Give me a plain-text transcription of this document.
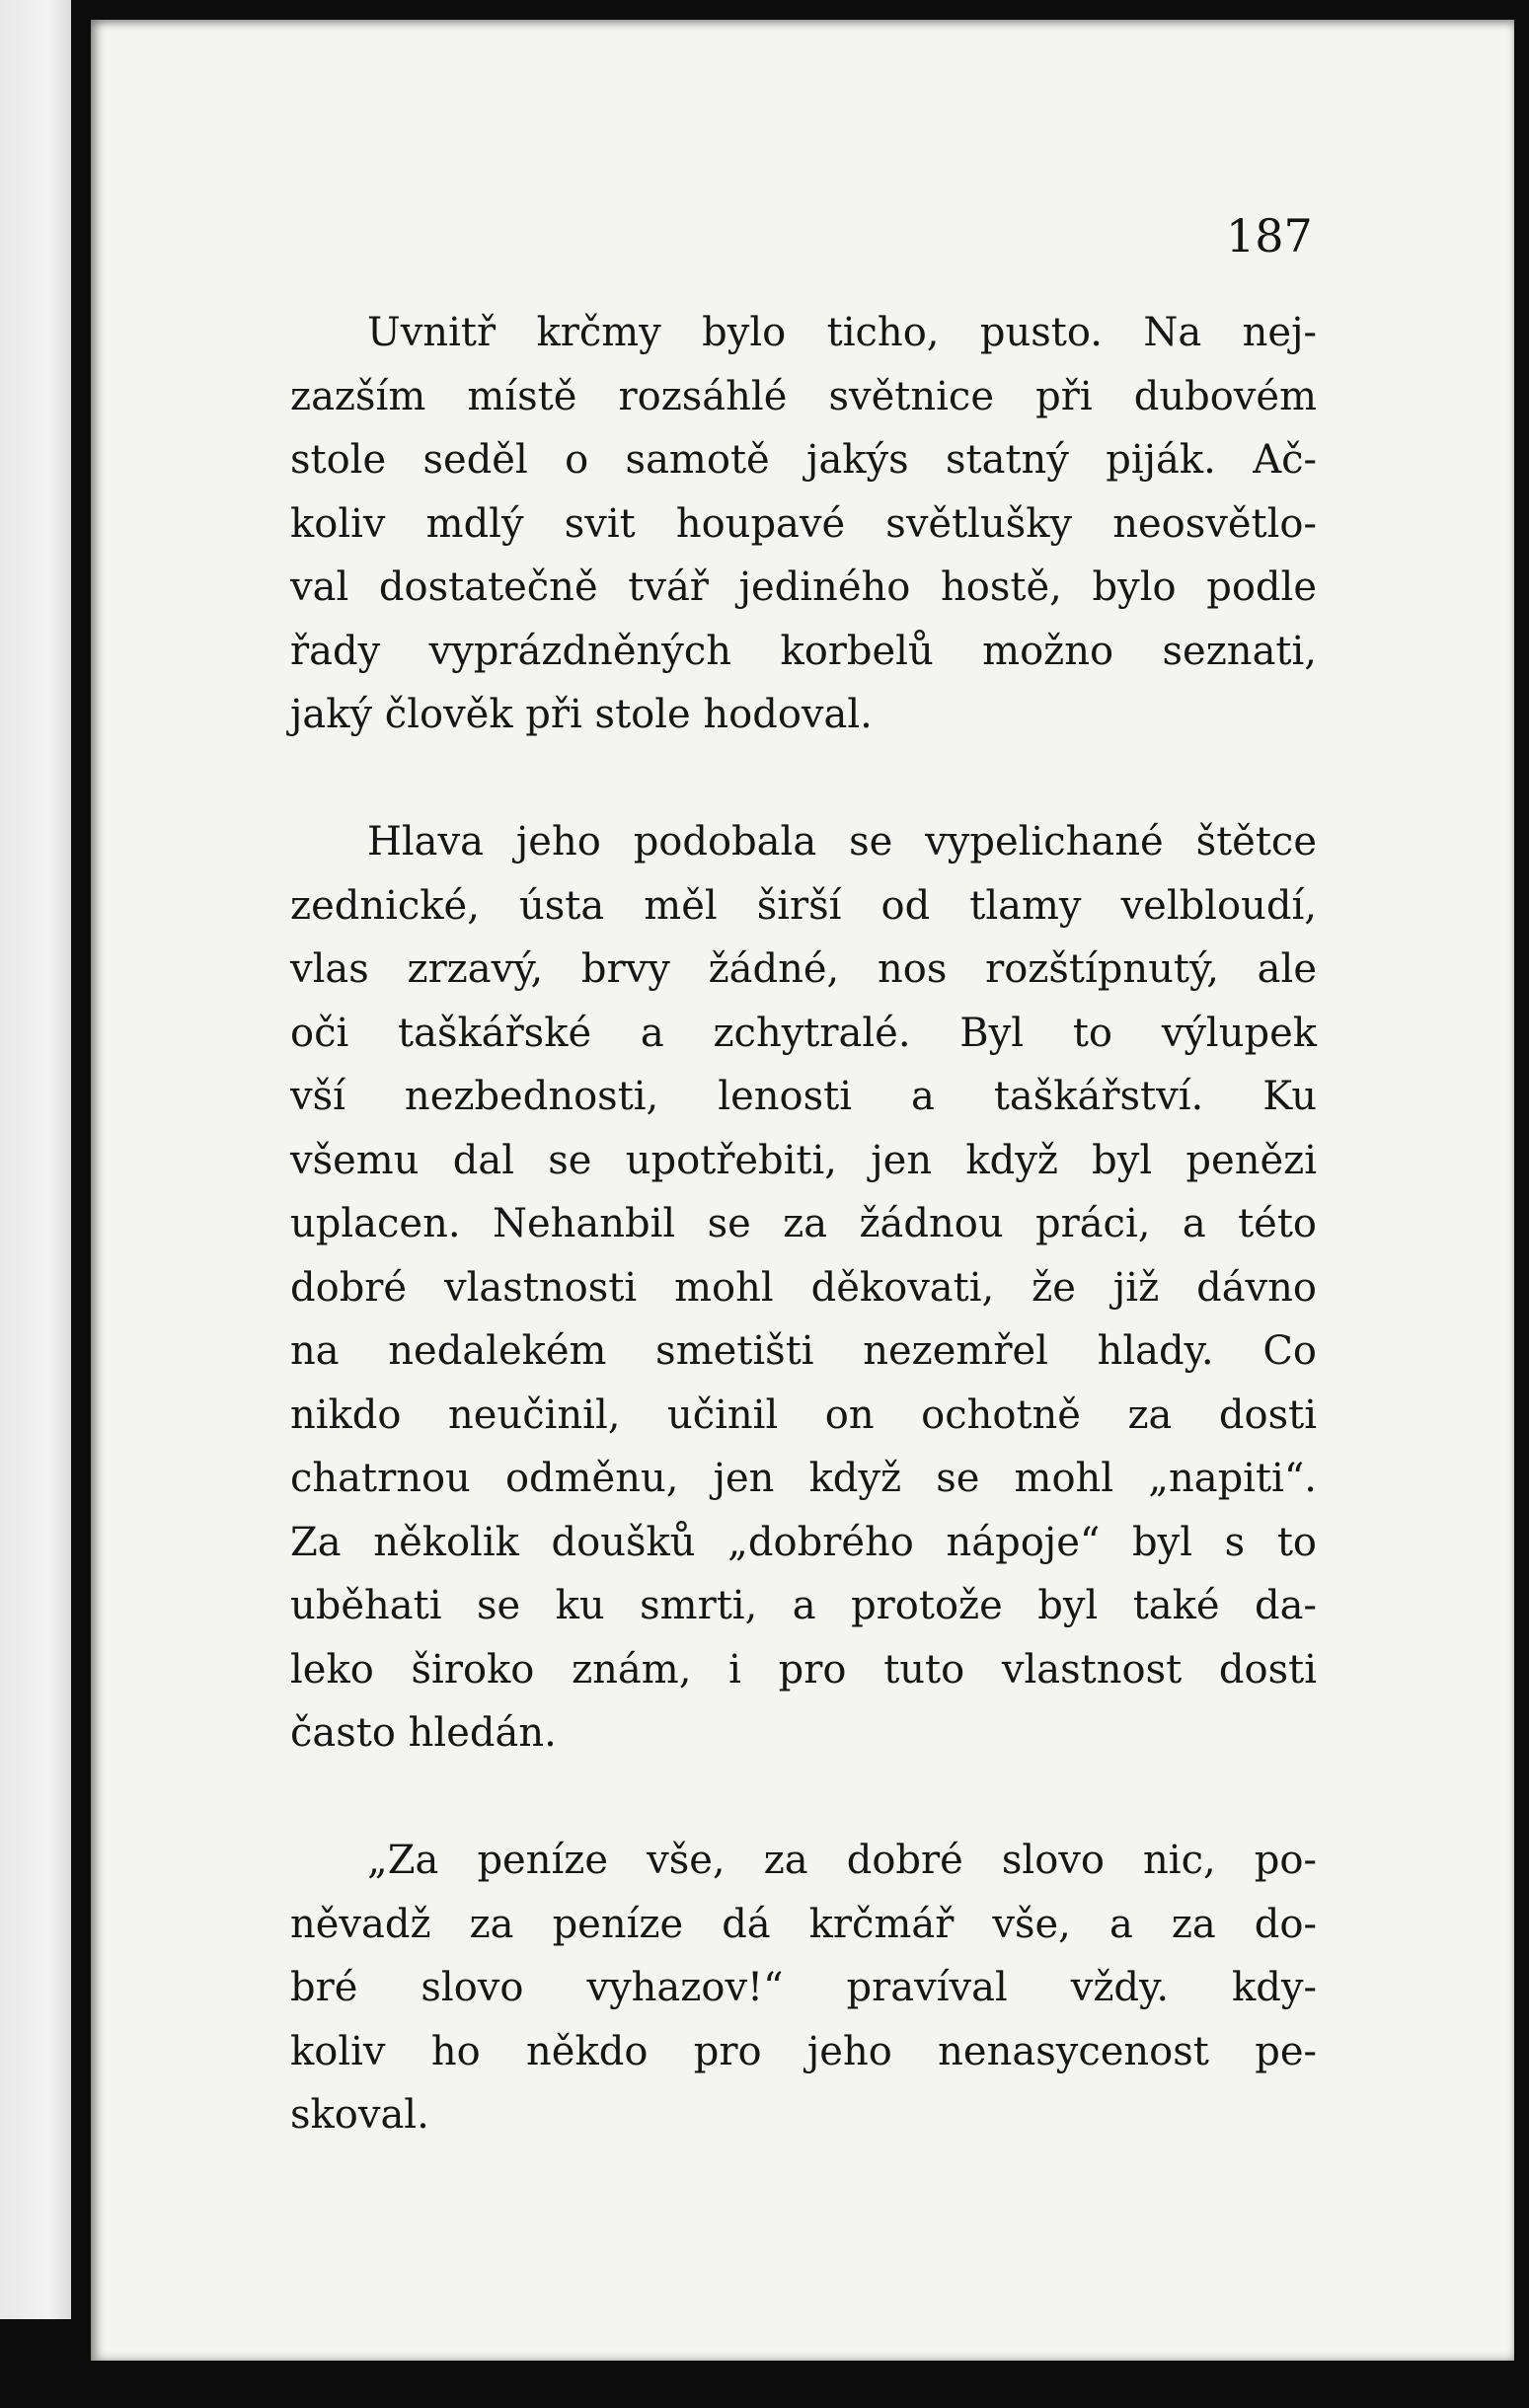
187

Uvnitř krčmy bylo ticho, pusto. Na nej-
zazším místě rozsáhlé světnice při dubovém
stole seděl o samotě jakýs statný piják. Ač-
koliv mdlý svit houpavé světlušky neosvětlo-
val dostatečně tvář jediného hostě, bylo podle
řady vyprázdněných korbelů možno seznati,
jaký člověk při stole hodoval.

Hlava jeho podobala se vypelichané štětce
zednické, ústa měl širší od tlamy velbloudí,
vlas zrzavý, brvy žádné, nos rozštípnutý, ale
oči taškářské a zchytralé. Byl to výlupek
vší nezbednosti, lenosti a taškářství. Ku
všemu dal se upotřebiti, jen když byl penězi
uplacen. Nehanbil se za žádnou práci, a této
dobré vlastnosti mohl děkovati, že již dávno
na nedalekém smetišti nezemřel hlady. Co
nikdo neučinil, učinil on ochotně za dosti
chatrnou odměnu, jen když se mohl „napiti“.
Za několik doušků „dobrého nápoje“ byl s to
uběhati se ku smrti, a protože byl také da-
leko široko znám, i pro tuto vlastnost dosti
často hledán.

„Za peníze vše, za dobré slovo nic, po-
něvadž za peníze dá krčmář vše, a za do-
bré slovo vyhazov!“ pravíval vždy. kdy-
koliv ho někdo pro jeho nenasycenost pe-
skoval.
